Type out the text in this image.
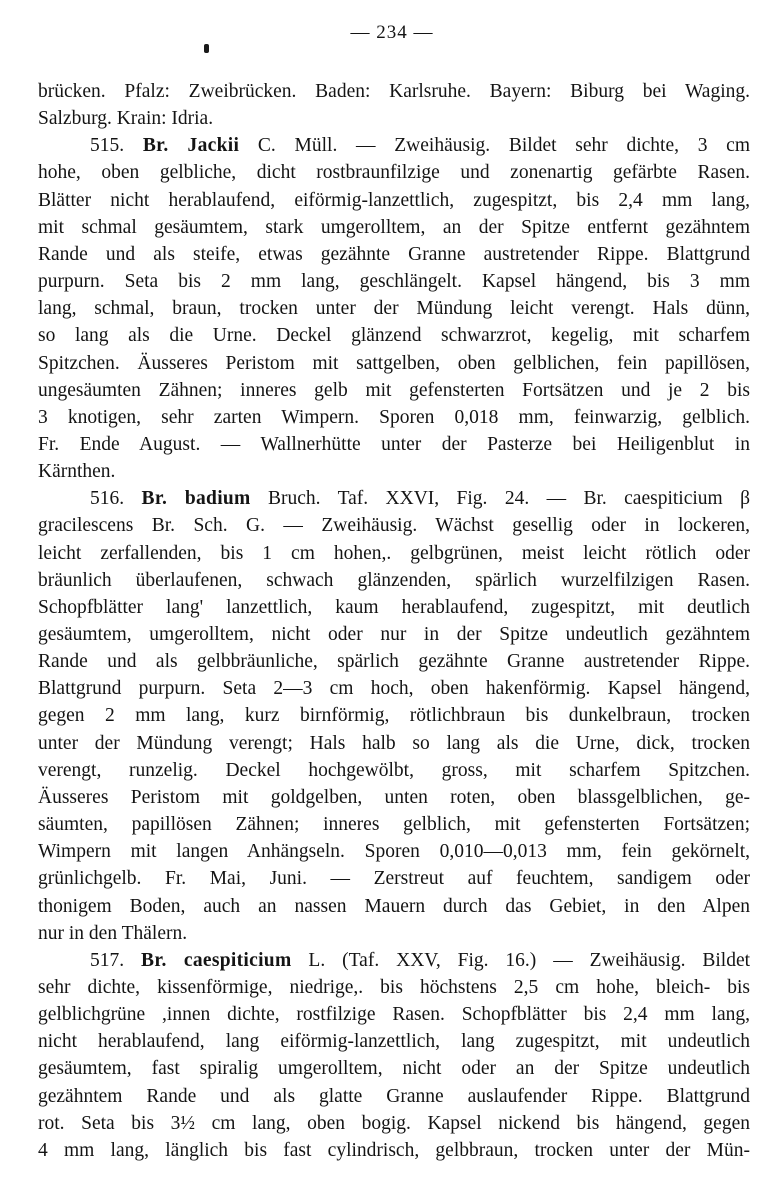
— 234 —
brücken. Pfalz: Zweibrücken. Baden: Karlsruhe. Bayern: Biburg bei Waging.
Salzburg. Krain: Idria.
515. Br. Jackii C. Müll. — Zweihäusig. Bildet sehr dichte, 3 cm
hohe, oben gelbliche, dicht rostbraunfilzige und zonenartig gefärbte Rasen.
Blätter nicht herablaufend, eiförmig-lanzettlich, zugespitzt, bis 2,4 mm lang,
mit schmal gesäumtem, stark umgerolltem, an der Spitze entfernt gezähntem
Rande und als steife, etwas gezähnte Granne austretender Rippe. Blattgrund
purpurn. Seta bis 2 mm lang, geschlängelt. Kapsel hängend, bis 3 mm
lang, schmal, braun, trocken unter der Mündung leicht verengt. Hals dünn,
so lang als die Urne. Deckel glänzend schwarzrot, kegelig, mit scharfem
Spitzchen. Äusseres Peristom mit sattgelben, oben gelblichen, fein papillösen,
ungesäumten Zähnen; inneres gelb mit gefensterten Fortsätzen und je 2 bis
3 knotigen, sehr zarten Wimpern. Sporen 0,018 mm, feinwarzig, gelblich.
Fr. Ende August. — Wallnerhütte unter der Pasterze bei Heiligenblut in
Kärnthen.
516. Br. badium Bruch. Taf. XXVI, Fig. 24. — Br. caespiticium β
gracilescens Br. Sch. G. — Zweihäusig. Wächst gesellig oder in lockeren,
leicht zerfallenden, bis 1 cm hohen,. gelbgrünen, meist leicht rötlich oder
bräunlich überlaufenen, schwach glänzenden, spärlich wurzelfilzigen Rasen.
Schopfblätter lang' lanzettlich, kaum herablaufend, zugespitzt, mit deutlich
gesäumtem, umgerolltem, nicht oder nur in der Spitze undeutlich gezähntem
Rande und als gelbbräunliche, spärlich gezähnte Granne austretender Rippe.
Blattgrund purpurn. Seta 2—3 cm hoch, oben hakenförmig. Kapsel hängend,
gegen 2 mm lang, kurz birnförmig, rötlichbraun bis dunkelbraun, trocken
unter der Mündung verengt; Hals halb so lang als die Urne, dick, trocken
verengt, runzelig. Deckel hochgewölbt, gross, mit scharfem Spitzchen.
Äusseres Peristom mit goldgelben, unten roten, oben blassgelblichen, ge-
säumten, papillösen Zähnen; inneres gelblich, mit gefensterten Fortsätzen;
Wimpern mit langen Anhängseln. Sporen 0,010—0,013 mm, fein gekörnelt,
grünlichgelb. Fr. Mai, Juni. — Zerstreut auf feuchtem, sandigem oder
thonigem Boden, auch an nassen Mauern durch das Gebiet, in den Alpen
nur in den Thälern.
517. Br. caespiticium L. (Taf. XXV, Fig. 16.) — Zweihäusig. Bildet
sehr dichte, kissenförmige, niedrige,. bis höchstens 2,5 cm hohe, bleich- bis
gelblichgrüne ,innen dichte, rostfilzige Rasen. Schopfblätter bis 2,4 mm lang,
nicht herablaufend, lang eiförmig-lanzettlich, lang zugespitzt, mit undeutlich
gesäumtem, fast spiralig umgerolltem, nicht oder an der Spitze undeutlich
gezähntem Rande und als glatte Granne auslaufender Rippe. Blattgrund
rot. Seta bis 3½ cm lang, oben bogig. Kapsel nickend bis hängend, gegen
4 mm lang, länglich bis fast cylindrisch, gelbbraun, trocken unter der Mün-
